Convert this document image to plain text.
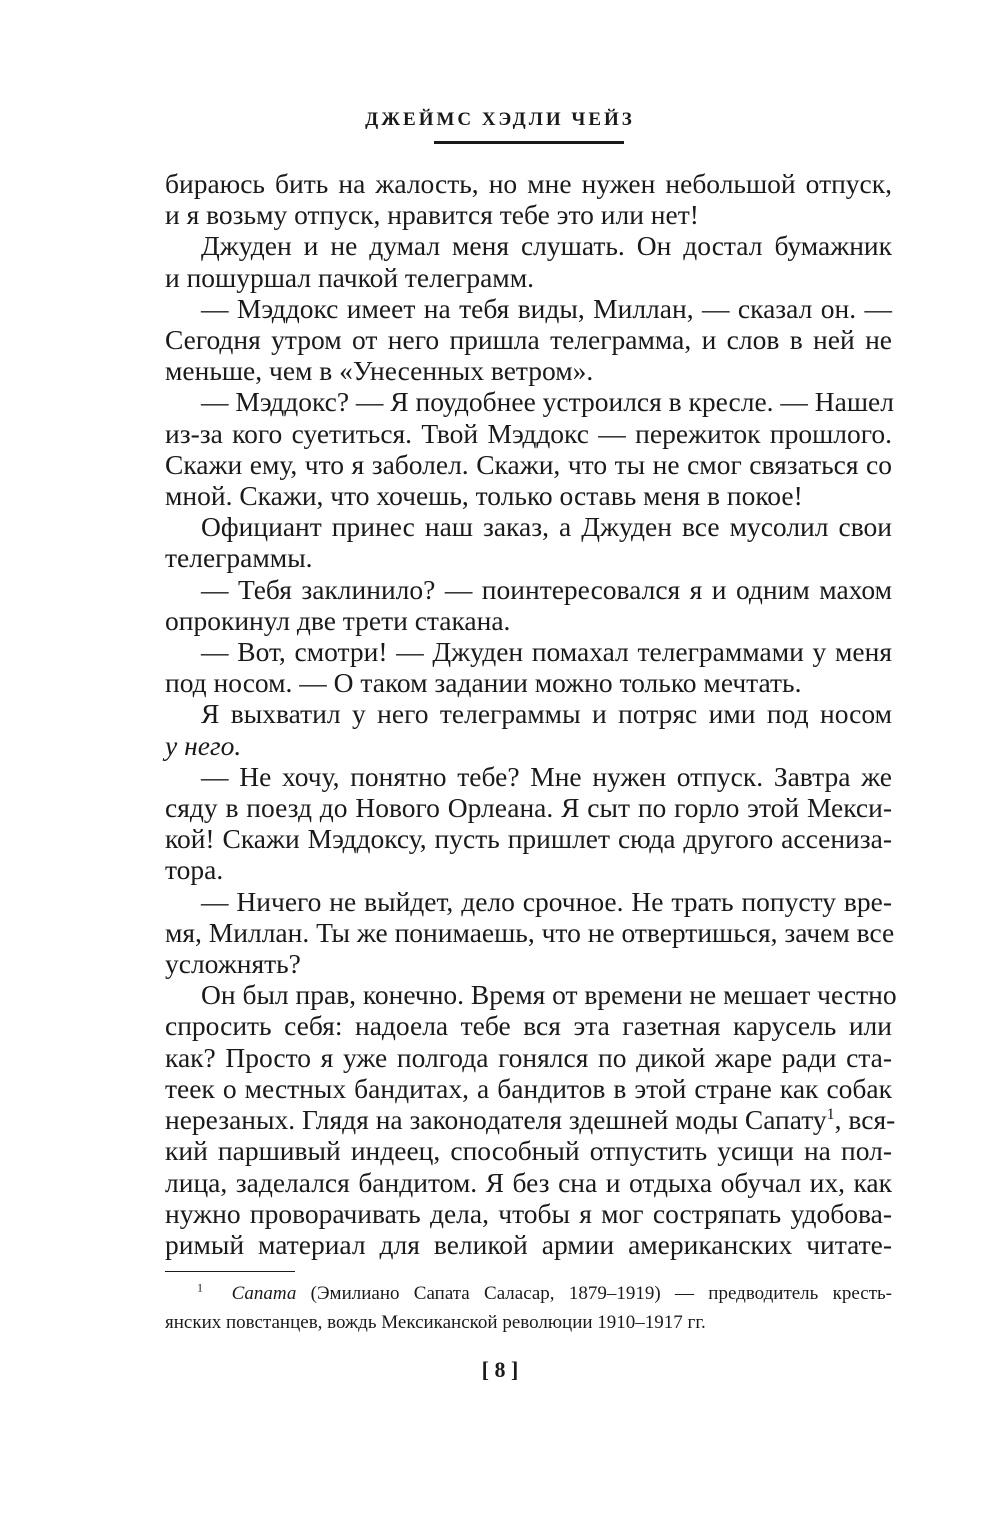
ДЖЕЙМС ХЭДЛИ ЧЕЙЗ
бираюсь бить на жалость, но мне нужен небольшой отпуск,
и я возьму отпуск, нравится тебе это или нет!
Джуден и не думал меня слушать. Он достал бумажник
и пошуршал пачкой телеграмм.
— Мэддокс имеет на тебя виды, Миллан, — сказал он. —
Сегодня утром от него пришла телеграмма, и слов в ней не
меньше, чем в «Унесенных ветром».
— Мэддокс? — Я поудобнее устроился в кресле. — Нашел
из-за кого суетиться. Твой Мэддокс — пережиток прошлого.
Скажи ему, что я заболел. Скажи, что ты не смог связаться со
мной. Скажи, что хочешь, только оставь меня в покое!
Официант принес наш заказ, а Джуден все мусолил свои
телеграммы.
— Тебя заклинило? — поинтересовался я и одним махом
опрокинул две трети стакана.
— Вот, смотри! — Джуден помахал телеграммами у меня
под носом. — О таком задании можно только мечтать.
Я выхватил у него телеграммы и потряс ими под носом
у него.
— Не хочу, понятно тебе? Мне нужен отпуск. Завтра же
сяду в поезд до Нового Орлеана. Я сыт по горло этой Мекси-
кой! Скажи Мэддоксу, пусть пришлет сюда другого ассениза-
тора.
— Ничего не выйдет, дело срочное. Не трать попусту вре-
мя, Миллан. Ты же понимаешь, что не отвертишься, зачем все
усложнять?
Он был прав, конечно. Время от времени не мешает честно
спросить себя: надоела тебе вся эта газетная карусель или
как? Просто я уже полгода гонялся по дикой жаре ради ста-
теек о местных бандитах, а бандитов в этой стране как собак
нерезаных. Глядя на законодателя здешней моды Сапату$^1$, вся-
кий паршивый индеец, способный отпустить усищи на пол-
лица, заделался бандитом. Я без сна и отдыха обучал их, как
нужно проворачивать дела, чтобы я мог состряпать удобова-
римый материал для великой армии американских читате-
$^1$ Сапата (Эмилиано Сапата Саласар, 1879–1919) — предводитель кресть-
янских повстанцев, вождь Мексиканской революции 1910–1917 гг.
[ 8 ]
